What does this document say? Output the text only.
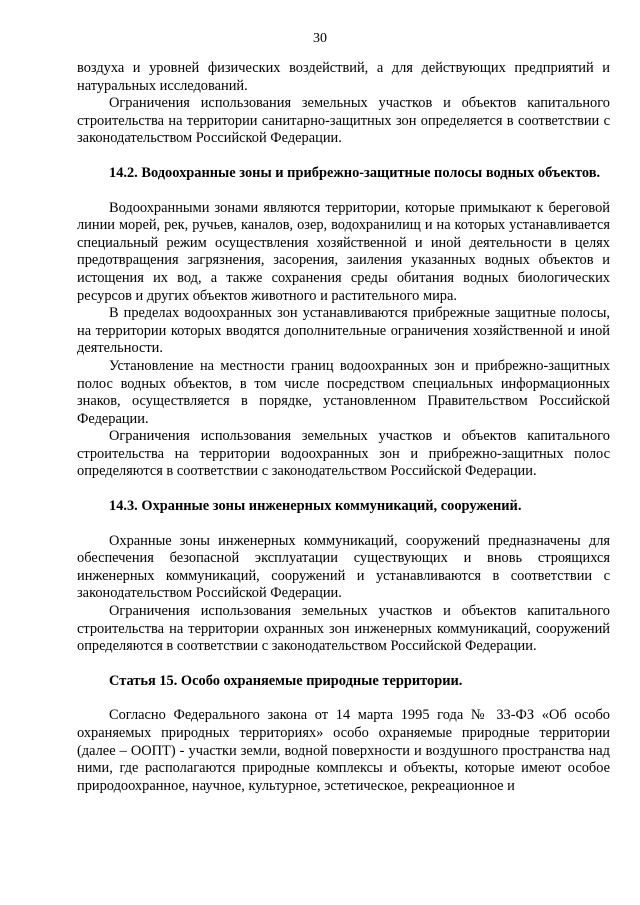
30

воздуха и уровней физических воздействий, а для действующих предприятий и натуральных исследований.

Ограничения использования земельных участков и объектов капитального строительства на территории санитарно-защитных зон определяется в соответствии с законодательством Российской Федерации.

14.2. Водоохранные зоны и прибрежно-защитные полосы водных объектов.

Водоохранными зонами являются территории, которые примыкают к береговой линии морей, рек, ручьев, каналов, озер, водохранилищ и на которых устанавливается специальный режим осуществления хозяйственной и иной деятельности в целях предотвращения загрязнения, засорения, заиления указанных водных объектов и истощения их вод, а также сохранения среды обитания водных биологических ресурсов и других объектов животного и растительного мира.

В пределах водоохранных зон устанавливаются прибрежные защитные полосы, на территории которых вводятся дополнительные ограничения хозяйственной и иной деятельности.

Установление на местности границ водоохранных зон и прибрежно-защитных полос водных объектов, в том числе посредством специальных информационных знаков, осуществляется в порядке, установленном Правительством Российской Федерации.

Ограничения использования земельных участков и объектов капитального строительства на территории водоохранных зон и прибрежно-защитных полос определяются в соответствии с законодательством Российской Федерации.

14.3. Охранные зоны инженерных коммуникаций, сооружений.

Охранные зоны инженерных коммуникаций, сооружений предназначены для обеспечения безопасной эксплуатации существующих и вновь строящихся инженерных коммуникаций, сооружений и устанавливаются в соответствии с законодательством Российской Федерации.

Ограничения использования земельных участков и объектов капитального строительства на территории охранных зон инженерных коммуникаций, сооружений определяются в соответствии с законодательством Российской Федерации.

Статья 15. Особо охраняемые природные территории.

Согласно Федерального закона от 14 марта 1995 года № 33-ФЗ «Об особо охраняемых природных территориях» особо охраняемые природные территории (далее – ООПТ) - участки земли, водной поверхности и воздушного пространства над ними, где располагаются природные комплексы и объекты, которые имеют особое природоохранное, научное, культурное, эстетическое, рекреационное и
